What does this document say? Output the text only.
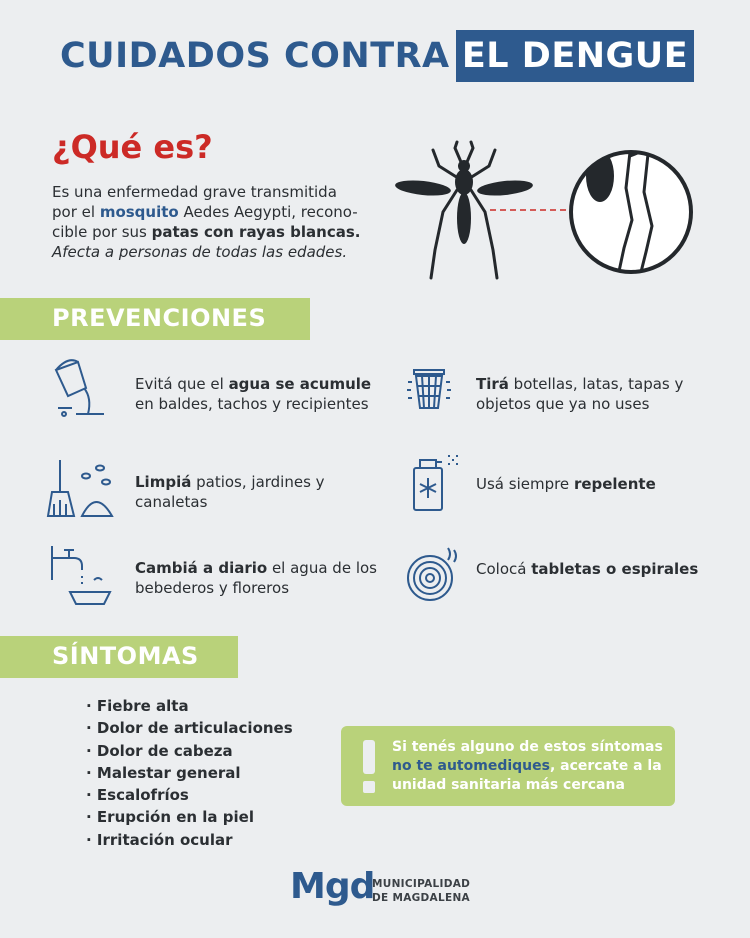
CUIDADOS CONTRA EL DENGUE
¿Qué es?
Es una enfermedad grave transmitida
por el mosquito Aedes Aegypti, recono-
cible por sus patas con rayas blancas.
Afecta a personas de todas las edades.
PREVENCIONES
Evitá que el agua se acumule en baldes, tachos y recipientes
Tirá botellas, latas, tapas y objetos que ya no uses
Limpiá patios, jardines y canaletas
Usá siempre repelente
Cambiá a diario el agua de los bebederos y floreros
Colocá tabletas o espirales
SÍNTOMAS
· Fiebre alta
· Dolor de articulaciones
· Dolor de cabeza
· Malestar general
· Escalofríos
· Erupción en la piel
· Irritación ocular
Si tenés alguno de estos síntomas no te automediques, acercate a la unidad sanitaria más cercana
Mgd
MUNICIPALIDAD
DE MAGDALENA
